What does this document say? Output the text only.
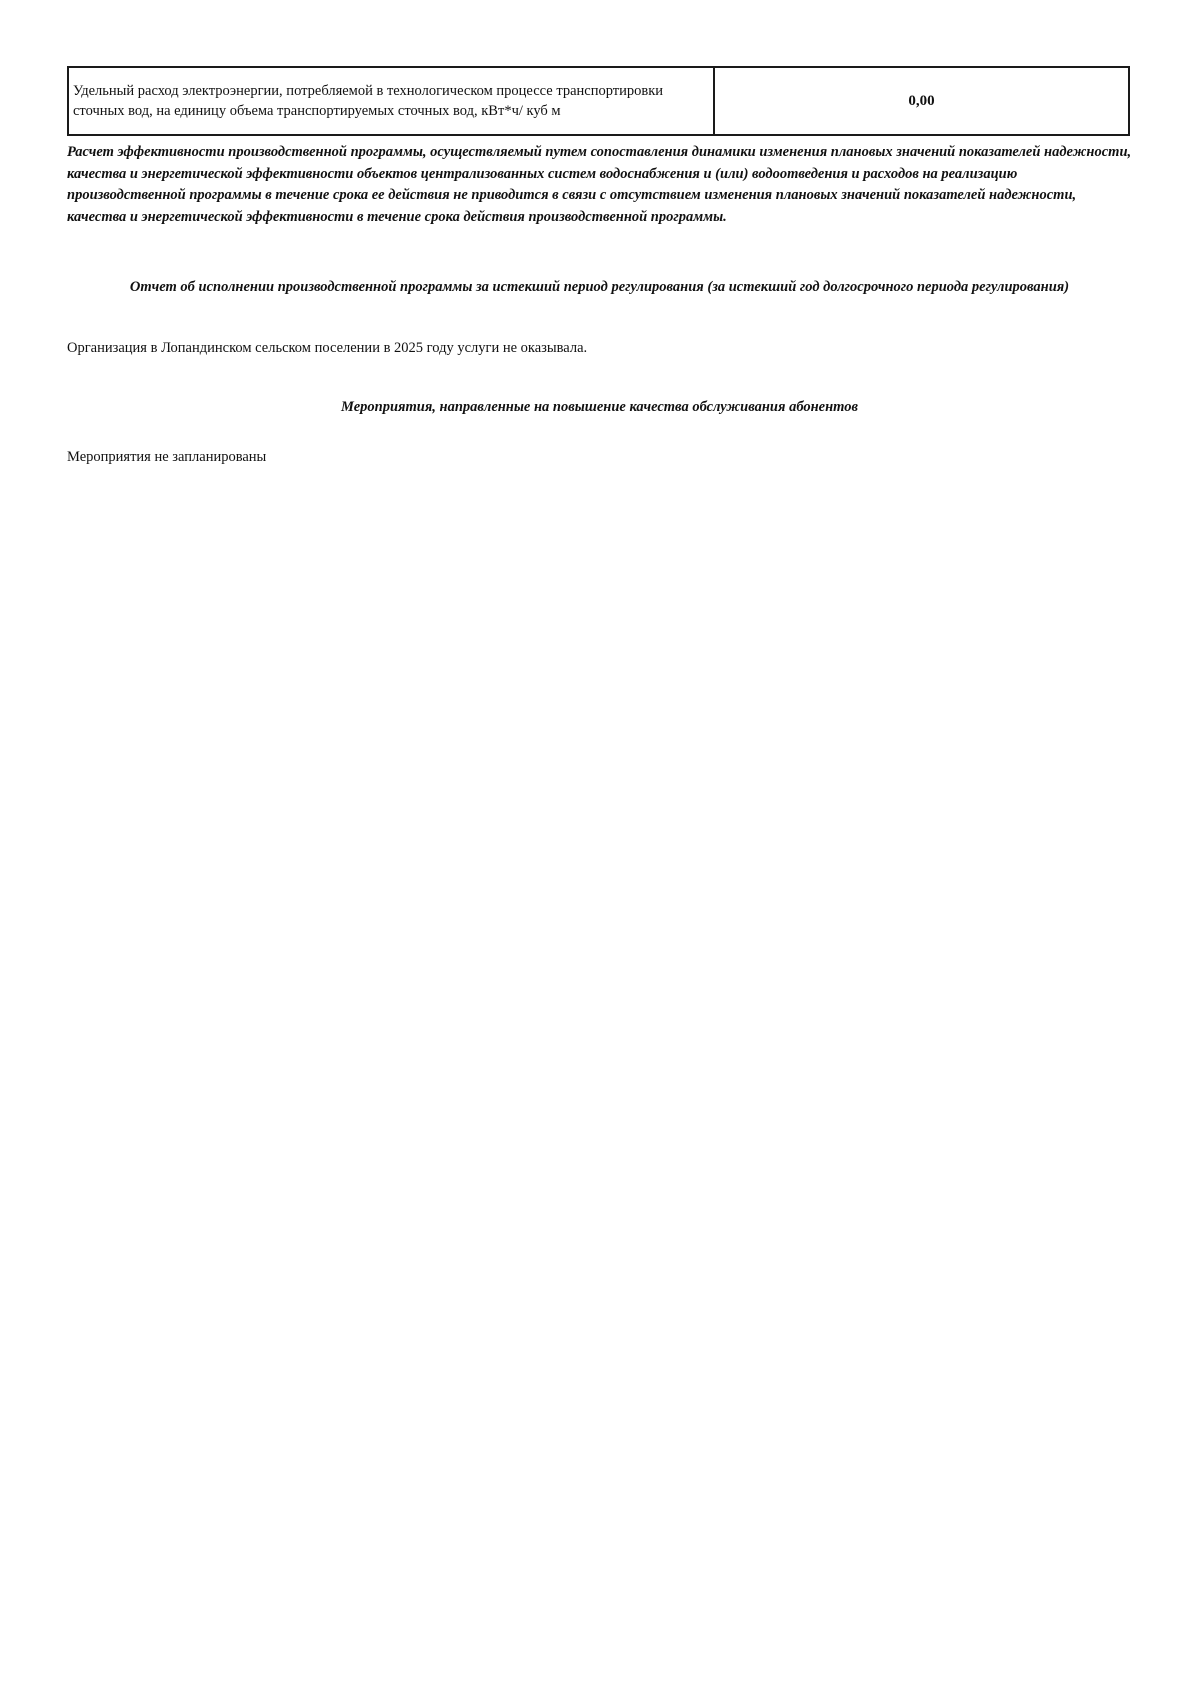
Удельный расход электроэнергии, потребляемой в технологическом процессе транспортировки сточных вод, на единицу объема транспортируемых сточных вод, кВт*ч/ куб м	0,00
Расчет эффективности производственной программы, осуществляемый путем сопоставления динамики изменения плановых значений показателей надежности, качества и энергетической эффективности объектов централизованных систем водоснабжения и (или) водоотведения и расходов на реализацию производственной программы в течение срока ее действия не приводится в связи с отсутствием изменения плановых значений показателей надежности, качества и энергетической эффективности в течение срока действия производственной программы.
Отчет об исполнении производственной программы за истекший период регулирования (за истекший год долгосрочного периода регулирования)
Организация в Лопандинском сельском поселении в 2025 году услуги не оказывала.
Мероприятия, направленные на повышение качества обслуживания абонентов
Мероприятия не запланированы
